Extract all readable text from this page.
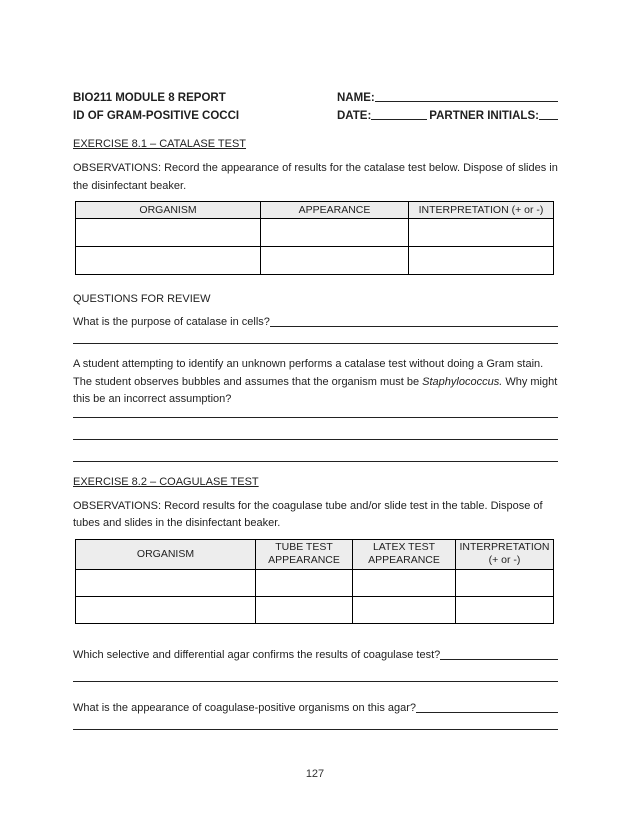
BIO211 MODULE 8 REPORT
ID OF GRAM-POSITIVE COCCI
NAME:
DATE:	PARTNER INITIALS:
EXERCISE 8.1 – CATALASE TEST

OBSERVATIONS: Record the appearance of results for the catalase test below. Dispose of slides in the disinfectant beaker.

ORGANISM	APPEARANCE	INTERPRETATION (+ or -)

QUESTIONS FOR REVIEW
What is the purpose of catalase in cells?

A student attempting to identify an unknown performs a catalase test without doing a Gram stain. The student observes bubbles and assumes that the organism must be Staphylococcus. Why might this be an incorrect assumption?

EXERCISE 8.2 – COAGULASE TEST

OBSERVATIONS: Record results for the coagulase tube and/or slide test in the table. Dispose of tubes and slides in the disinfectant beaker.

ORGANISM	TUBE TEST APPEARANCE	LATEX TEST APPEARANCE	INTERPRETATION (+ or -)

Which selective and differential agar confirms the results of coagulase test?
What is the appearance of coagulase-positive organisms on this agar?
127
